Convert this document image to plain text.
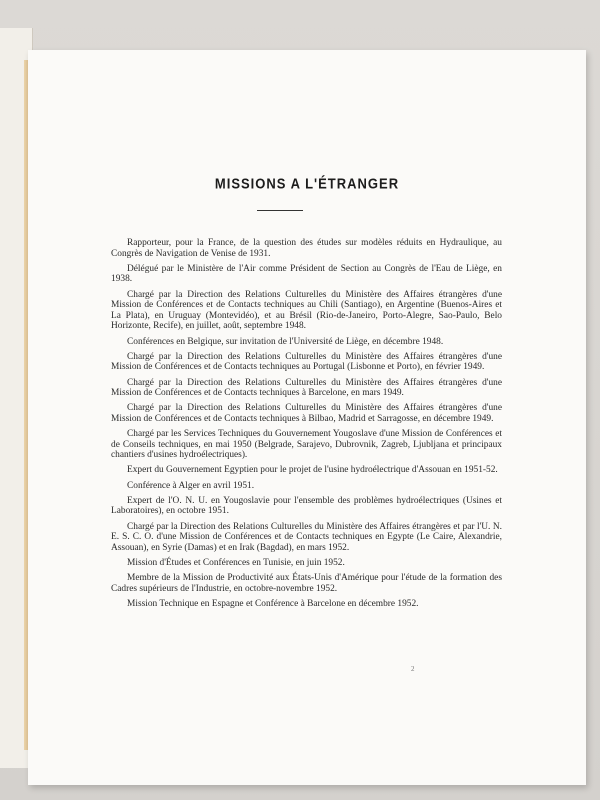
MISSIONS A L'ÉTRANGER

Rapporteur, pour la France, de la question des études sur modèles réduits en Hydraulique, au Congrès de Navigation de Venise de 1931.

Délégué par le Ministère de l'Air comme Président de Section au Congrès de l'Eau de Liège, en 1938.

Chargé par la Direction des Relations Culturelles du Ministère des Affaires étrangères d'une Mission de Conférences et de Contacts techniques au Chili (Santiago), en Argentine (Buenos-Aires et La Plata), en Uruguay (Montevidéo), et au Brésil (Rio-de-Janeiro, Porto-Alegre, Sao-Paulo, Belo Horizonte, Recife), en juillet, août, septembre 1948.

Conférences en Belgique, sur invitation de l'Université de Liège, en décembre 1948.

Chargé par la Direction des Relations Culturelles du Ministère des Affaires étrangères d'une Mission de Conférences et de Contacts techniques au Portugal (Lisbonne et Porto), en février 1949.

Chargé par la Direction des Relations Culturelles du Ministère des Affaires étrangères d'une Mission de Conférences et de Contacts techniques à Barcelone, en mars 1949.

Chargé par la Direction des Relations Culturelles du Ministère des Affaires étrangères d'une Mission de Conférences et de Contacts techniques à Bilbao, Madrid et Sarragosse, en décembre 1949.

Chargé par les Services Techniques du Gouvernement Yougoslave d'une Mission de Conférences et de Conseils techniques, en mai 1950 (Belgrade, Sarajevo, Dubrovnik, Zagreb, Ljubljana et principaux chantiers d'usines hydroélectriques).

Expert du Gouvernement Egyptien pour le projet de l'usine hydroélectrique d'Assouan en 1951-52.

Conférence à Alger en avril 1951.

Expert de l'O. N. U. en Yougoslavie pour l'ensemble des problèmes hydroélectriques (Usines et Laboratoires), en octobre 1951.

Chargé par la Direction des Relations Culturelles du Ministère des Affaires étrangères et par l'U. N. E. S. C. O. d'une Mission de Conférences et de Contacts techniques en Egypte (Le Caire, Alexandrie, Assouan), en Syrie (Damas) et en Irak (Bagdad), en mars 1952.

Mission d'Études et Conférences en Tunisie, en juin 1952.

Membre de la Mission de Productivité aux États-Unis d'Amérique pour l'étude de la formation des Cadres supérieurs de l'Industrie, en octobre-novembre 1952.

Mission Technique en Espagne et Conférence à Barcelone en décembre 1952.

2
